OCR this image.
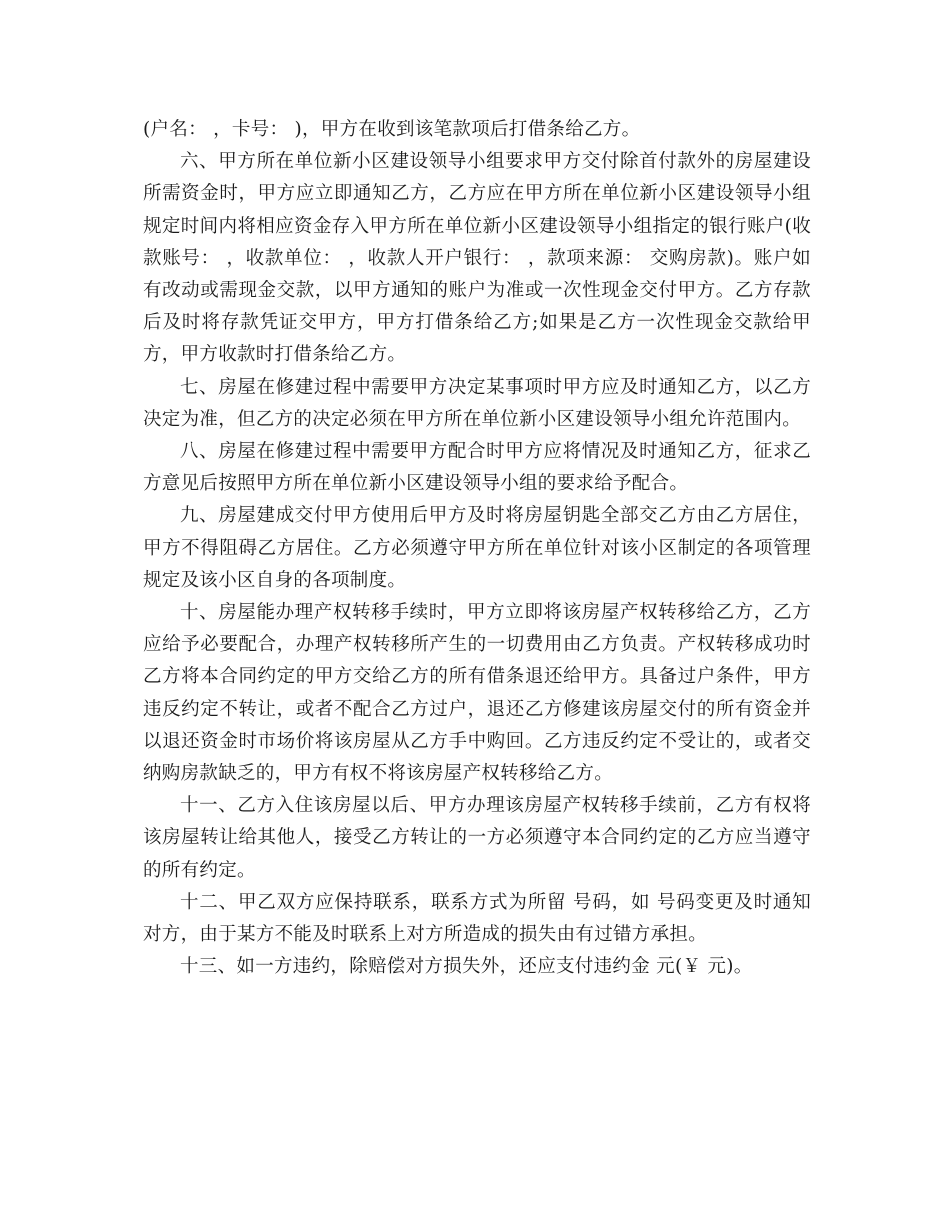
(户名： ，卡号： )，甲方在收到该笔款项后打借条给乙方。

六、甲方所在单位新小区建设领导小组要求甲方交付除首付款外的房屋建设所需资金时，甲方应立即通知乙方，乙方应在甲方所在单位新小区建设领导小组规定时间内将相应资金存入甲方所在单位新小区建设领导小组指定的银行账户(收款账号： ，收款单位： ，收款人开户银行： ，款项来源： 交购房款)。账户如有改动或需现金交款，以甲方通知的账户为准或一次性现金交付甲方。乙方存款后及时将存款凭证交甲方，甲方打借条给乙方;如果是乙方一次性现金交款给甲方，甲方收款时打借条给乙方。

七、房屋在修建过程中需要甲方决定某事项时甲方应及时通知乙方，以乙方决定为准，但乙方的决定必须在甲方所在单位新小区建设领导小组允许范围内。

八、房屋在修建过程中需要甲方配合时甲方应将情况及时通知乙方，征求乙方意见后按照甲方所在单位新小区建设领导小组的要求给予配合。

九、房屋建成交付甲方使用后甲方及时将房屋钥匙全部交乙方由乙方居住，甲方不得阻碍乙方居住。乙方必须遵守甲方所在单位针对该小区制定的各项管理规定及该小区自身的各项制度。

十、房屋能办理产权转移手续时，甲方立即将该房屋产权转移给乙方，乙方应给予必要配合，办理产权转移所产生的一切费用由乙方负责。产权转移成功时乙方将本合同约定的甲方交给乙方的所有借条退还给甲方。具备过户条件，甲方违反约定不转让，或者不配合乙方过户，退还乙方修建该房屋交付的所有资金并以退还资金时市场价将该房屋从乙方手中购回。乙方违反约定不受让的，或者交纳购房款缺乏的，甲方有权不将该房屋产权转移给乙方。

十一、乙方入住该房屋以后、甲方办理该房屋产权转移手续前，乙方有权将该房屋转让给其他人，接受乙方转让的一方必须遵守本合同约定的乙方应当遵守的所有约定。

十二、甲乙双方应保持联系，联系方式为所留 号码，如 号码变更及时通知对方，由于某方不能及时联系上对方所造成的损失由有过错方承担。

十三、如一方违约，除赔偿对方损失外，还应支付违约金 元(￥ 元)。
